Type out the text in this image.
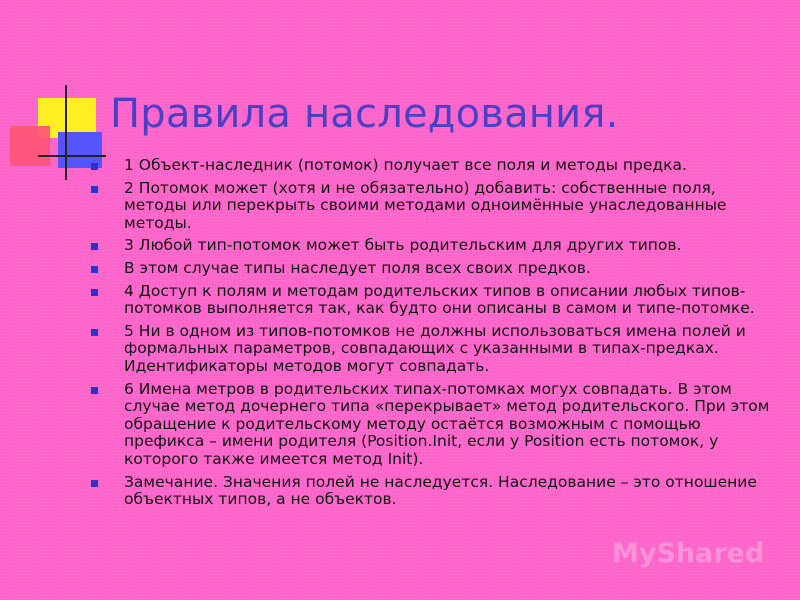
Правила наследования.
1 Объект-наследник (потомок) получает все поля и методы предка.
2 Потомок может (хотя и не обязательно) добавить: собственные поля, методы или перекрыть своими методами одноимённые унаследованные методы.
3 Любой тип-потомок может быть родительским для других типов.
В этом случае типы наследует поля всех своих предков.
4 Доступ к полям и методам родительских типов в описании любых типов-потомков выполняется так, как будто они описаны в самом и типе-потомке.
5 Ни в одном из типов-потомков не должны использоваться имена полей и формальных параметров, совпадающих с указанными в типах-предках. Идентификаторы методов могут совпадать.
6 Имена метров в родительских типах-потомках могух совпадать. В этом случае метод дочернего типа «перекрывает» метод родительского. При этом обращение к родительскому методу остаётся возможным с помощью префикса – имени родителя (Position.Init, если у Position есть потомок, у которого также имеется метод Init).
Замечание. Значения полей не наследуется. Наследование – это отношение объектных типов, а не объектов.
MyShared
